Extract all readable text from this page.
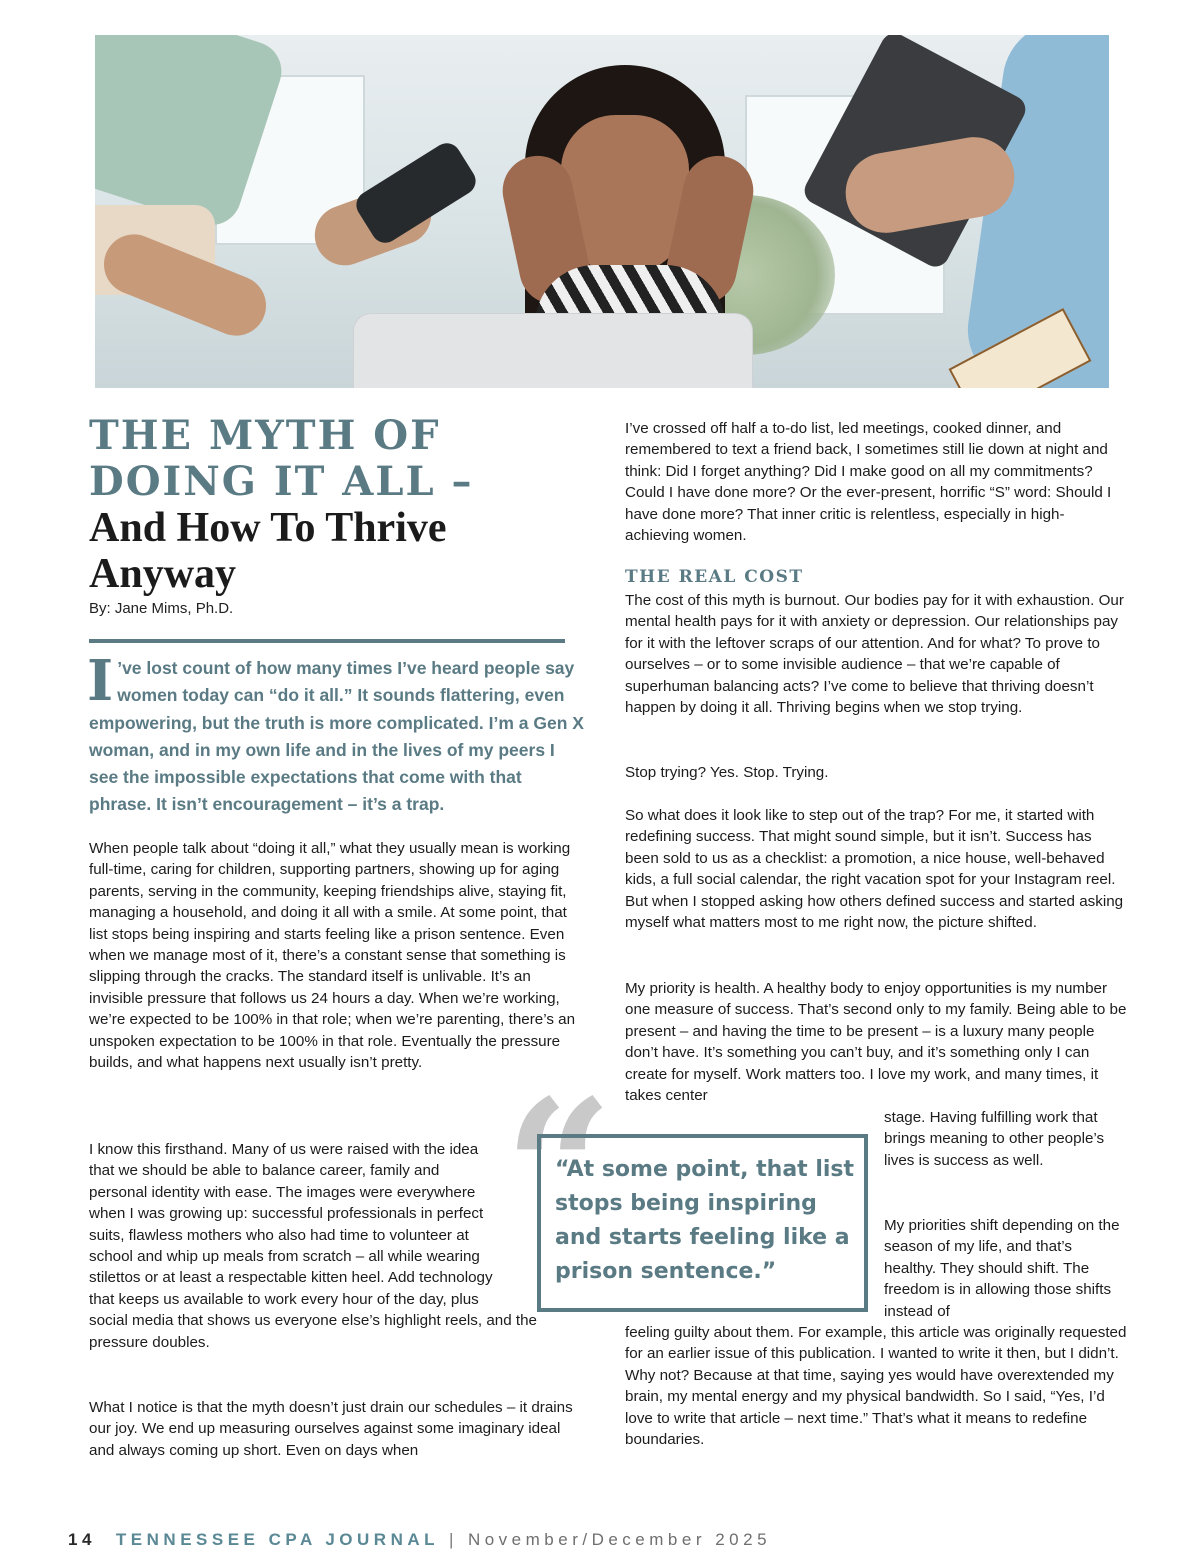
THE MYTH OF DOING IT ALL –
And How To Thrive Anyway
By: Jane Mims, Ph.D.

I ’ve lost count of how many times I’ve heard people say women today can “do it all.” It sounds flattering, even empowering, but the truth is more complicated. I’m a Gen X woman, and in my own life and in the lives of my peers I see the impossible expectations that come with that phrase. It isn’t encouragement – it’s a trap.

When people talk about “doing it all,” what they usually mean is working full-time, caring for children, supporting partners, showing up for aging parents, serving in the community, keeping friendships alive, staying fit, managing a household, and doing it all with a smile. At some point, that list stops being inspiring and starts feeling like a prison sentence. Even when we manage most of it, there’s a constant sense that something is slipping through the cracks. The standard itself is unlivable. It’s an invisible pressure that follows us 24 hours a day. When we’re working, we’re expected to be 100% in that role; when we’re parenting, there’s an unspoken expectation to be 100% in that role. Eventually the pressure builds, and what happens next usually isn’t pretty.

I know this firsthand. Many of us were raised with the idea that we should be able to balance career, family and personal identity with ease. The images were everywhere when I was growing up: successful professionals in perfect suits, flawless mothers who also had time to volunteer at school and whip up meals from scratch – all while wearing stilettos or at least a respectable kitten heel. Add technology that keeps us available to work every hour of the day, plus
social media that shows us everyone else’s highlight reels, and the pressure doubles.

What I notice is that the myth doesn’t just drain our schedules – it drains our joy. We end up measuring ourselves against some imaginary ideal and always coming up short. Even on days when

I’ve crossed off half a to-do list, led meetings, cooked dinner, and remembered to text a friend back, I sometimes still lie down at night and think: Did I forget anything? Did I make good on all my commitments? Could I have done more? Or the ever-present, horrific “S” word: Should I have done more? That inner critic is relentless, especially in high-achieving women.

THE REAL COST

The cost of this myth is burnout. Our bodies pay for it with exhaustion. Our mental health pays for it with anxiety or depression. Our relationships pay for it with the leftover scraps of our attention. And for what? To prove to ourselves – or to some invisible audience – that we’re capable of superhuman balancing acts? I’ve come to believe that thriving doesn’t happen by doing it all. Thriving begins when we stop trying.

Stop trying? Yes. Stop. Trying.

So what does it look like to step out of the trap? For me, it started with redefining success. That might sound simple, but it isn’t. Success has been sold to us as a checklist: a promotion, a nice house, well-behaved kids, a full social calendar, the right vacation spot for your Instagram reel. But when I stopped asking how others defined success and started asking myself what matters most to me right now, the picture shifted.

My priority is health. A healthy body to enjoy opportunities is my number one measure of success. That’s second only to my family. Being able to be present – and having the time to be present – is a luxury many people don’t have. It’s something you can’t buy, and it’s something only I can create for myself. Work matters too. I love my work, and many times, it takes center

stage. Having fulfilling work that brings meaning to other people’s lives is success as well.

My priorities shift depending on the season of my life, and that’s healthy. They should shift. The freedom is in allowing those shifts instead of

feeling guilty about them. For example, this article was originally requested for an earlier issue of this publication. I wanted to write it then, but I didn’t. Why not? Because at that time, saying yes would have overextended my brain, my mental energy and my physical bandwidth. So I said, “Yes, I’d love to write that article – next time.” That’s what it means to redefine boundaries.

“

“At some point, that list stops being inspiring and starts feeling like a prison sentence.”

14 TENNESSEE CPA JOURNAL | November/December 2025
